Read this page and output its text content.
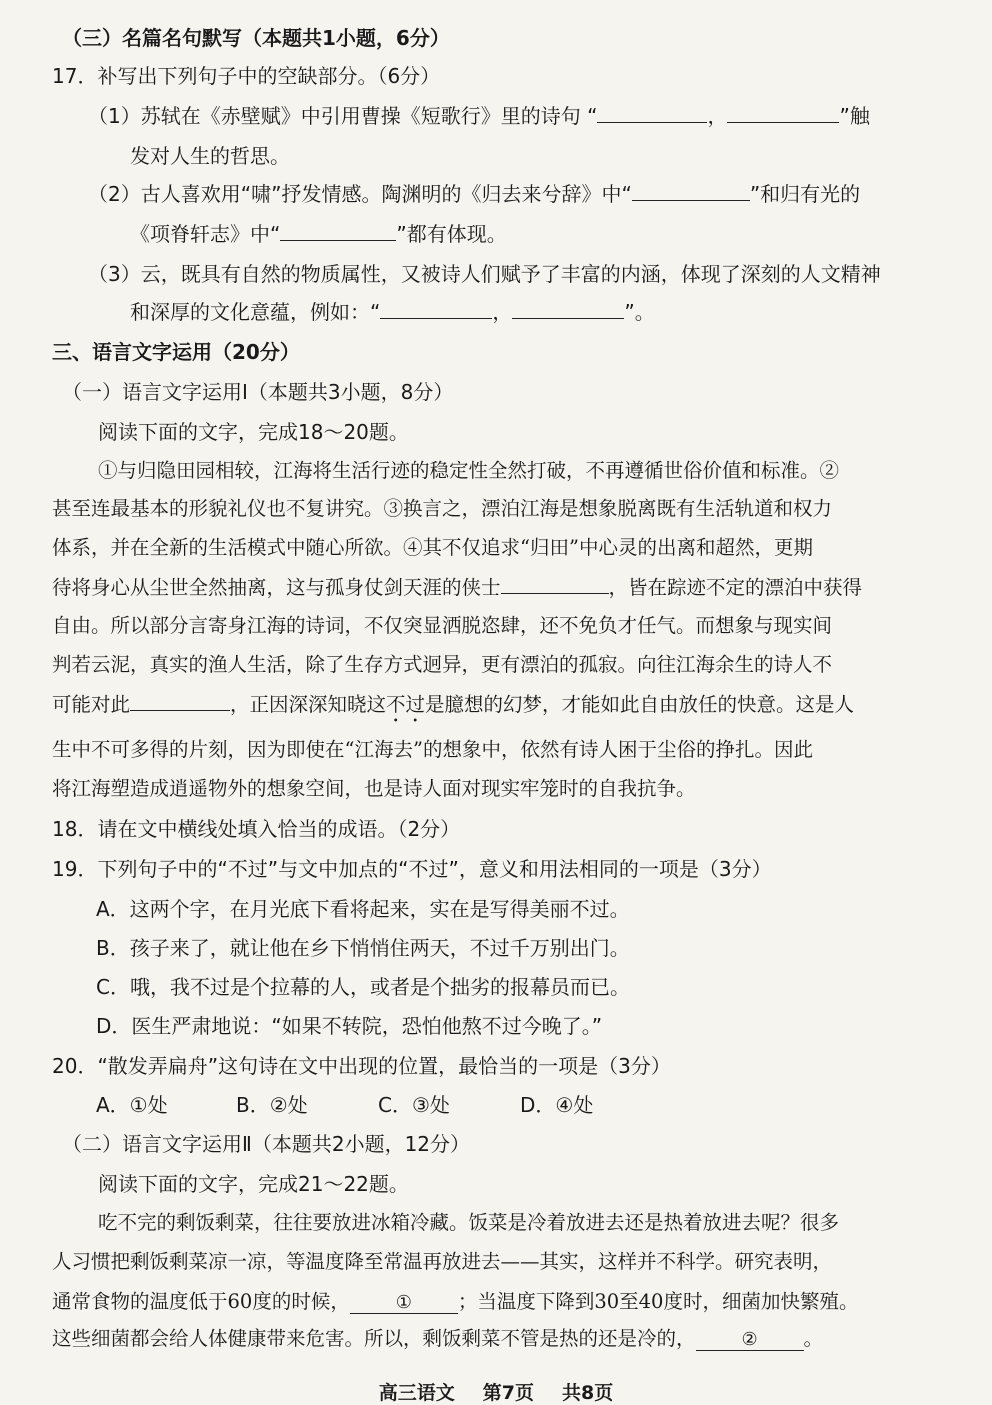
（三）名篇名句默写（本题共1小题，6分）
17．补写出下列句子中的空缺部分。（6分）
（1）苏轼在《赤壁赋》中引用曹操《短歌行》里的诗句 “	，	”触
发对人生的哲思。
（2）古人喜欢用“啸”抒发情感。陶渊明的《归去来兮辞》中“	”和归有光的
《项脊轩志》中“	”都有体现。
（3）云，既具有自然的物质属性，又被诗人们赋予了丰富的内涵，体现了深刻的人文精神
和深厚的文化意蕴，例如：“	，	”。
三、语言文字运用（20分）
（一）语言文字运用Ⅰ（本题共3小题，8分）
阅读下面的文字，完成18～20题。
①与归隐田园相较，江海将生活行迹的稳定性全然打破，不再遵循世俗价值和标准。②
甚至连最基本的形貌礼仪也不复讲究。③换言之，漂泊江海是想象脱离既有生活轨道和权力
体系，并在全新的生活模式中随心所欲。④其不仅追求“归田”中心灵的出离和超然，更期
待将身心从尘世全然抽离，这与孤身仗剑天涯的侠士	，皆在踪迹不定的漂泊中获得
自由。所以部分言寄身江海的诗词，不仅突显洒脱恣肆，还不免负才任气。而想象与现实间
判若云泥，真实的渔人生活，除了生存方式迥异，更有漂泊的孤寂。向往江海余生的诗人不
可能对此	，正因深深知晓这不过是臆想的幻梦，才能如此自由放任的快意。这是人
生中不可多得的片刻，因为即使在“江海去”的想象中，依然有诗人困于尘俗的挣扎。因此
将江海塑造成逍遥物外的想象空间，也是诗人面对现实牢笼时的自我抗争。
18．请在文中横线处填入恰当的成语。（2分）
19．下列句子中的“不过”与文中加点的“不过”，意义和用法相同的一项是（3分）
A．这两个字，在月光底下看将起来，实在是写得美丽不过。
B．孩子来了，就让他在乡下悄悄住两天，不过千万别出门。
C．哦，我不过是个拉幕的人，或者是个拙劣的报幕员而已。
D．医生严肃地说：“如果不转院，恐怕他熬不过今晚了。”
20．“散发弄扁舟”这句诗在文中出现的位置，最恰当的一项是（3分）
A．①处	B．②处	C．③处	D．④处
（二）语言文字运用Ⅱ（本题共2小题，12分）
阅读下面的文字，完成21～22题。
吃不完的剩饭剩菜，往往要放进冰箱冷藏。饭菜是冷着放进去还是热着放进去呢？很多
人习惯把剩饭剩菜凉一凉，等温度降至常温再放进去——其实，这样并不科学。研究表明，
通常食物的温度低于60度的时候，	① ；当温度下降到30至40度时，细菌加快繁殖。
这些细菌都会给人体健康带来危害。所以，剩饭剩菜不管是热的还是冷的，	② 。
高三语文 第7页 共8页
